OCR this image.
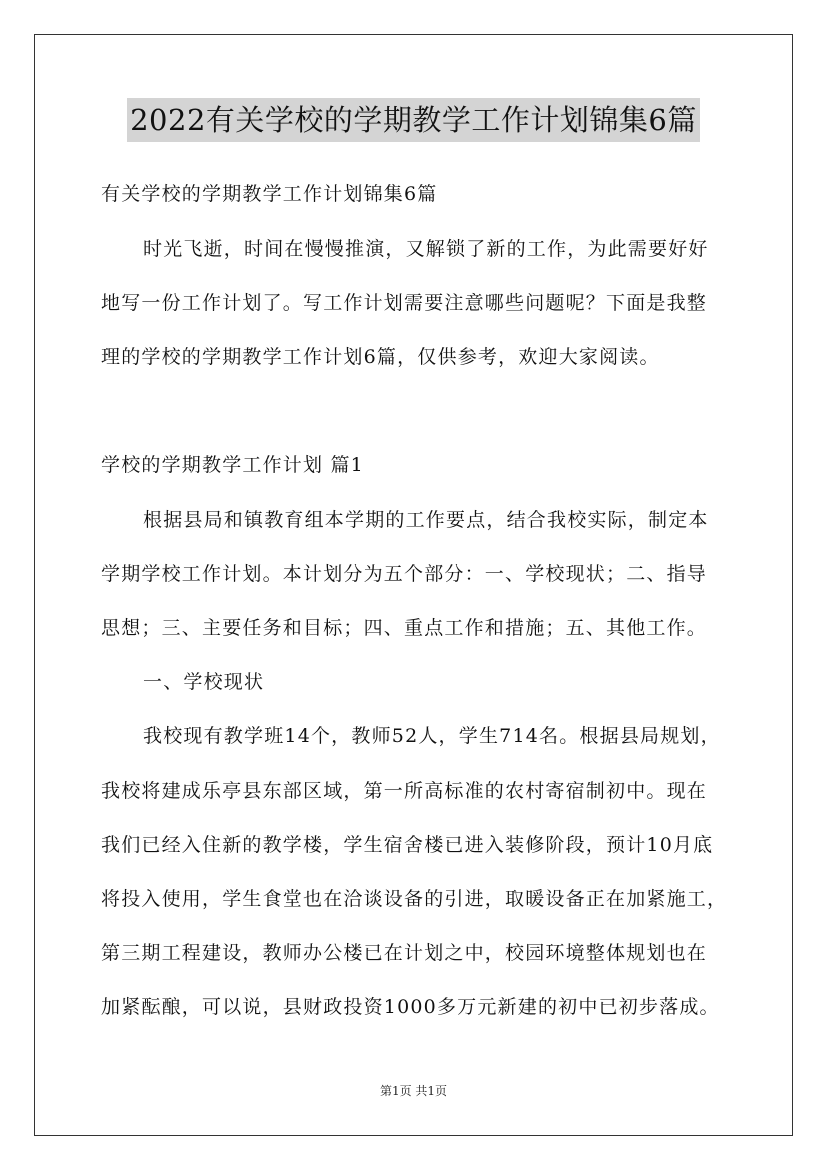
2022有关学校的学期教学工作计划锦集6篇
有关学校的学期教学工作计划锦集6篇
时光飞逝，时间在慢慢推演，又解锁了新的工作，为此需要好好
地写一份工作计划了。写工作计划需要注意哪些问题呢？下面是我整
理的学校的学期教学工作计划6篇，仅供参考，欢迎大家阅读。
学校的学期教学工作计划 篇1
根据县局和镇教育组本学期的工作要点，结合我校实际，制定本
学期学校工作计划。本计划分为五个部分：一、学校现状；二、指导
思想；三、主要任务和目标；四、重点工作和措施；五、其他工作。
一、学校现状
我校现有教学班14个，教师52人，学生714名。根据县局规划，
我校将建成乐亭县东部区域，第一所高标准的农村寄宿制初中。现在
我们已经入住新的教学楼，学生宿舍楼已进入装修阶段，预计10月底
将投入使用，学生食堂也在洽谈设备的引进，取暖设备正在加紧施工，
第三期工程建设，教师办公楼已在计划之中，校园环境整体规划也在
加紧酝酿，可以说，县财政投资1000多万元新建的初中已初步落成。
第1页 共1页
